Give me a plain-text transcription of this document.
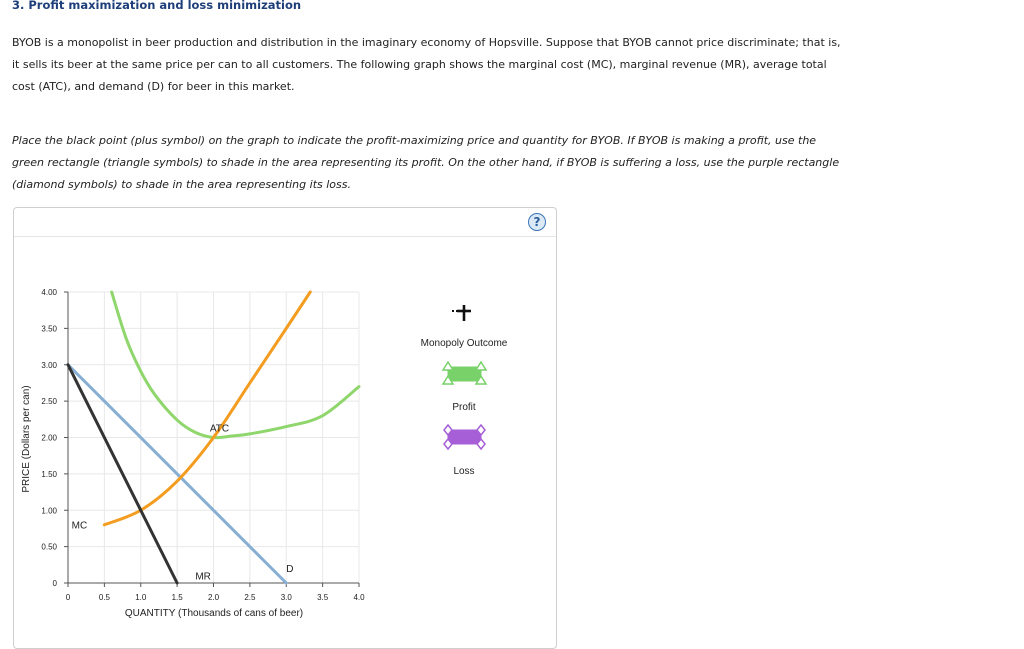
3. Profit maximization and loss minimization
BYOB is a monopolist in beer production and distribution in the imaginary economy of Hopsville. Suppose that BYOB cannot price discriminate; that is,
it sells its beer at the same price per can to all customers. The following graph shows the marginal cost (MC), marginal revenue (MR), average total
cost (ATC), and demand (D) for beer in this market.
Place the black point (plus symbol) on the graph to indicate the profit-maximizing price and quantity for BYOB. If BYOB is making a profit, use the
green rectangle (triangle symbols) to shade in the area representing its profit. On the other hand, if BYOB is suffering a loss, use the purple rectangle
(diamond symbols) to shade in the area representing its loss.
?
0	0.5	1.0	1.5	2.0	2.5	3.0	3.5	4.0
0
0.50
1.00
1.50
2.00
2.50
3.00
3.50
4.00
ATC
MC
D
MR
QUANTITY (Thousands of cans of beer)
PRICE (Dollars per can)
Monopoly Outcome
Profit
Loss
